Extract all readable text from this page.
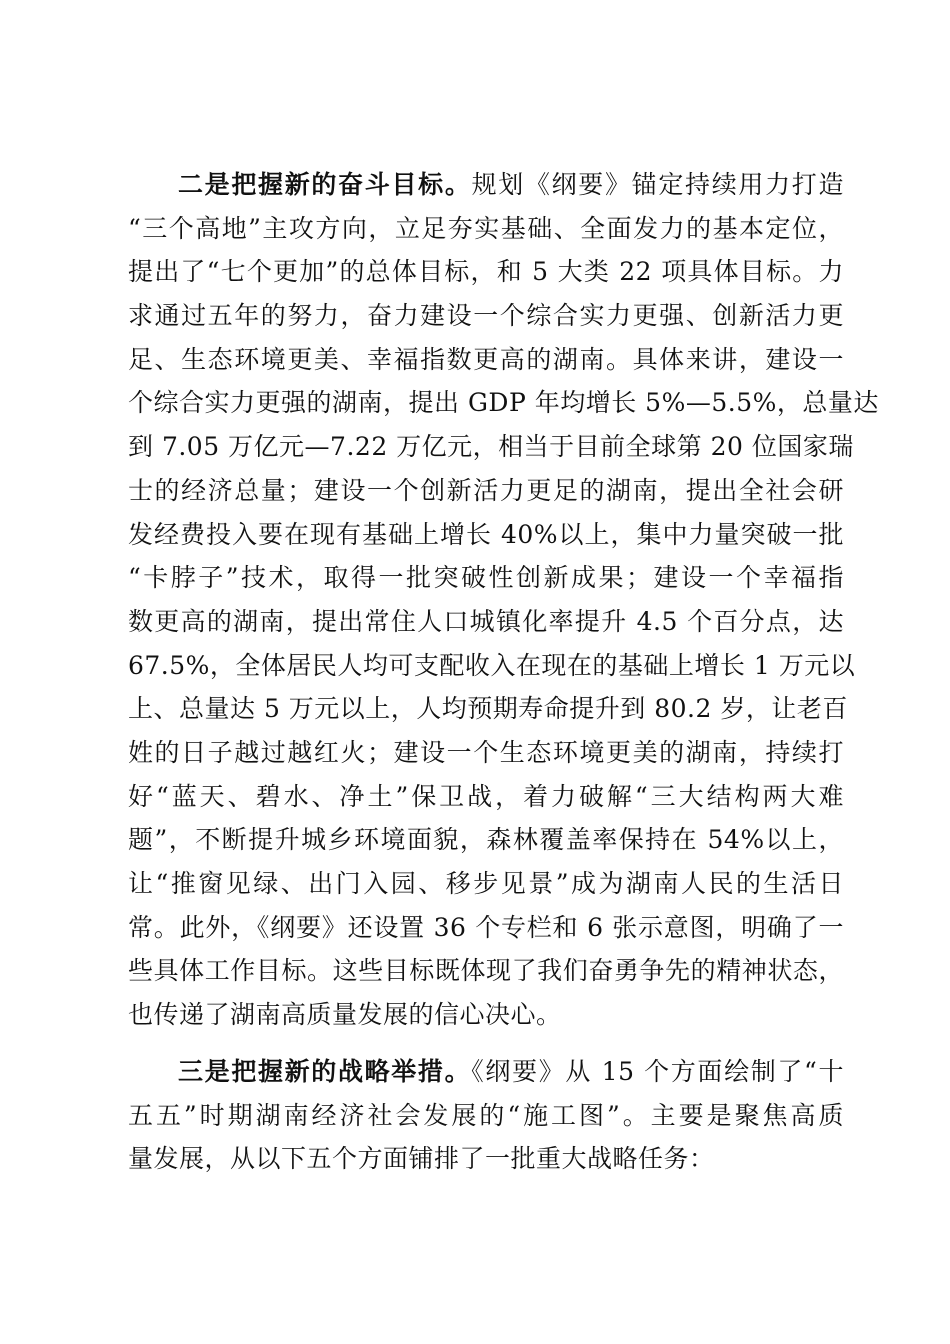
二是把握新的奋斗目标。规划《纲要》锚定持续用力打造
“三个高地”主攻方向，立足夯实基础、全面发力的基本定位，
提出了“七个更加”的总体目标，和 5 大类 22 项具体目标。力
求通过五年的努力，奋力建设一个综合实力更强、创新活力更
足、生态环境更美、幸福指数更高的湖南。具体来讲，建设一
个综合实力更强的湖南，提出 GDP 年均增长 5%—5.5%，总量达
到 7.05 万亿元—7.22 万亿元，相当于目前全球第 20 位国家瑞
士的经济总量；建设一个创新活力更足的湖南，提出全社会研
发经费投入要在现有基础上增长 40%以上，集中力量突破一批
“卡脖子”技术，取得一批突破性创新成果；建设一个幸福指
数更高的湖南，提出常住人口城镇化率提升 4.5 个百分点，达
67.5%，全体居民人均可支配收入在现在的基础上增长 1 万元以
上、总量达 5 万元以上，人均预期寿命提升到 80.2 岁，让老百
姓的日子越过越红火；建设一个生态环境更美的湖南，持续打
好“蓝天、碧水、净土”保卫战，着力破解“三大结构两大难
题”，不断提升城乡环境面貌，森林覆盖率保持在 54%以上，
让“推窗见绿、出门入园、移步见景”成为湖南人民的生活日
常。此外，《纲要》还设置 36 个专栏和 6 张示意图，明确了一
些具体工作目标。这些目标既体现了我们奋勇争先的精神状态，
也传递了湖南高质量发展的信心决心。
三是把握新的战略举措。《纲要》从 15 个方面绘制了“十
五五”时期湖南经济社会发展的“施工图”。主要是聚焦高质
量发展，从以下五个方面铺排了一批重大战略任务：
